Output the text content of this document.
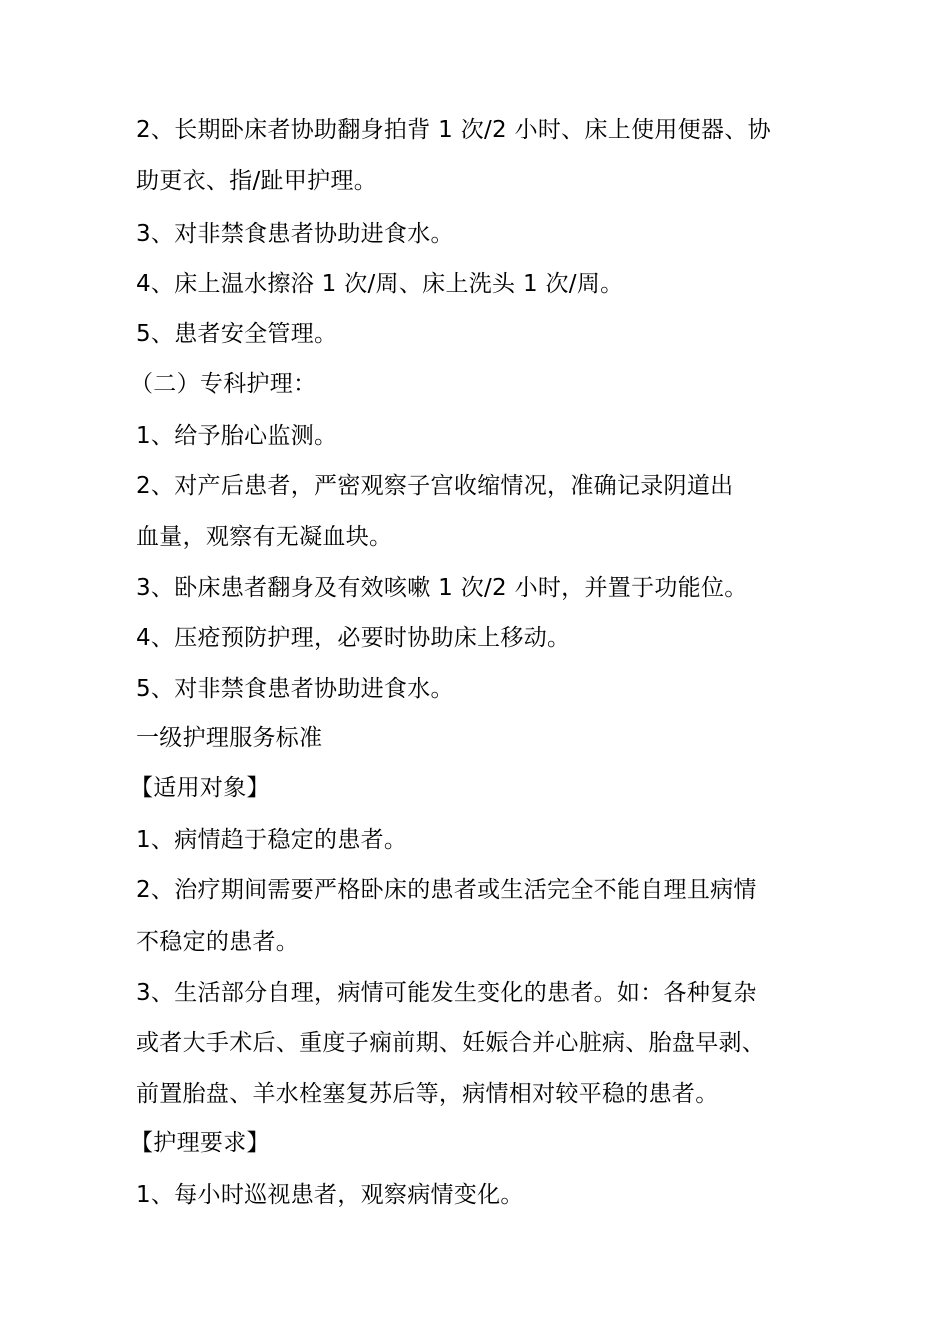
2、长期卧床者协助翻身拍背 1 次/2 小时、床上使用便器、协
助更衣、指/趾甲护理。
3、对非禁食患者协助进食水。
4、床上温水擦浴 1 次/周、床上洗头 1 次/周。
5、患者安全管理。
（二）专科护理：
1、给予胎心监测。
2、对产后患者，严密观察子宫收缩情况，准确记录阴道出
血量，观察有无凝血块。
3、卧床患者翻身及有效咳嗽 1 次/2 小时，并置于功能位。
4、压疮预防护理，必要时协助床上移动。
5、对非禁食患者协助进食水。
一级护理服务标准
【适用对象】
1、病情趋于稳定的患者。
2、治疗期间需要严格卧床的患者或生活完全不能自理且病情
不稳定的患者。
3、生活部分自理，病情可能发生变化的患者。如：各种复杂
或者大手术后、重度子痫前期、妊娠合并心脏病、胎盘早剥、
前置胎盘、羊水栓塞复苏后等，病情相对较平稳的患者。
【护理要求】
1、每小时巡视患者，观察病情变化。
